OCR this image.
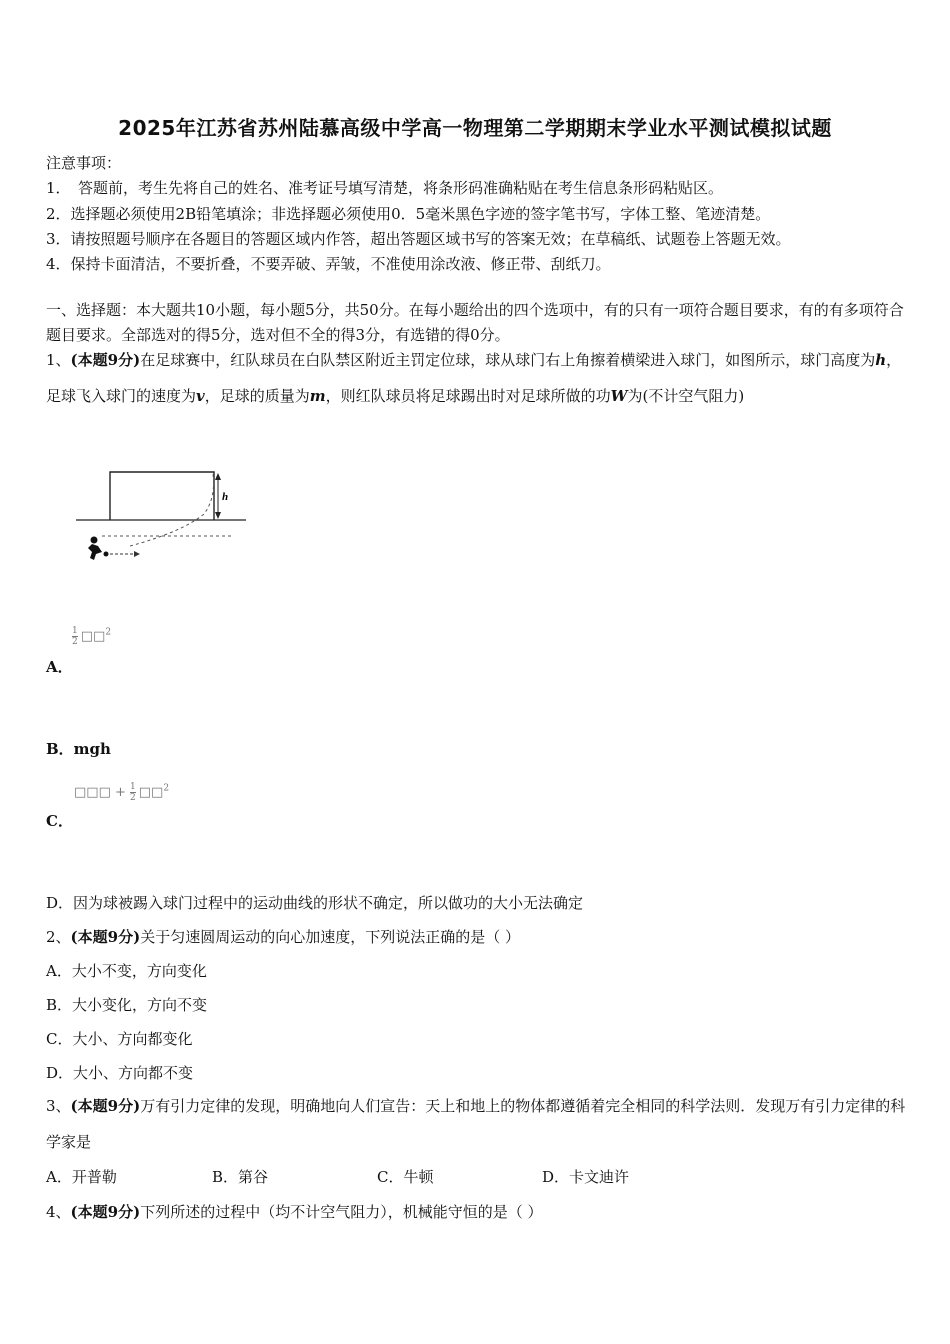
2025年江苏省苏州陆慕高级中学高一物理第二学期期末学业水平测试模拟试题
注意事项：
1．　答题前，考生先将自己的姓名、准考证号填写清楚，将条形码准确粘贴在考生信息条形码粘贴区。
2．选择题必须使用2B铅笔填涂；非选择题必须使用0．5毫米黑色字迹的签字笔书写，字体工整、笔迹清楚。
3．请按照题号顺序在各题目的答题区域内作答，超出答题区域书写的答案无效；在草稿纸、试题卷上答题无效。
4．保持卡面清洁，不要折叠，不要弄破、弄皱，不准使用涂改液、修正带、刮纸刀。
一、选择题：本大题共10小题，每小题5分，共50分。在每小题给出的四个选项中，有的只有一项符合题目要求，有的有多项符合题目要求。全部选对的得5分，选对但不全的得3分，有选错的得0分。
1、(本题9分)在足球赛中，红队球员在白队禁区附近主罚定位球，球从球门右上角擦着横梁进入球门，如图所示，球门高度为h，足球飞入球门的速度为v，足球的质量为m，则红队球员将足球踢出时对足球所做的功W为(不计空气阻力)
h
$\frac{1}{2}$ □□$^2$
A．
B．mgh
□□□ + $\frac{1}{2}$ □□$^2$
C．
D．因为球被踢入球门过程中的运动曲线的形状不确定，所以做功的大小无法确定
2、(本题9分)关于匀速圆周运动的向心加速度，下列说法正确的是（ ）
A．大小不变，方向变化
B．大小变化，方向不变
C．大小、方向都变化
D．大小、方向都不变
3、(本题9分)万有引力定律的发现，明确地向人们宣告：天上和地上的物体都遵循着完全相同的科学法则．发现万有引力定律的科学家是
A．开普勒	B．第谷	C．牛顿	D．卡文迪许
4、(本题9分)下列所述的过程中（均不计空气阻力），机械能守恒的是（ ）
